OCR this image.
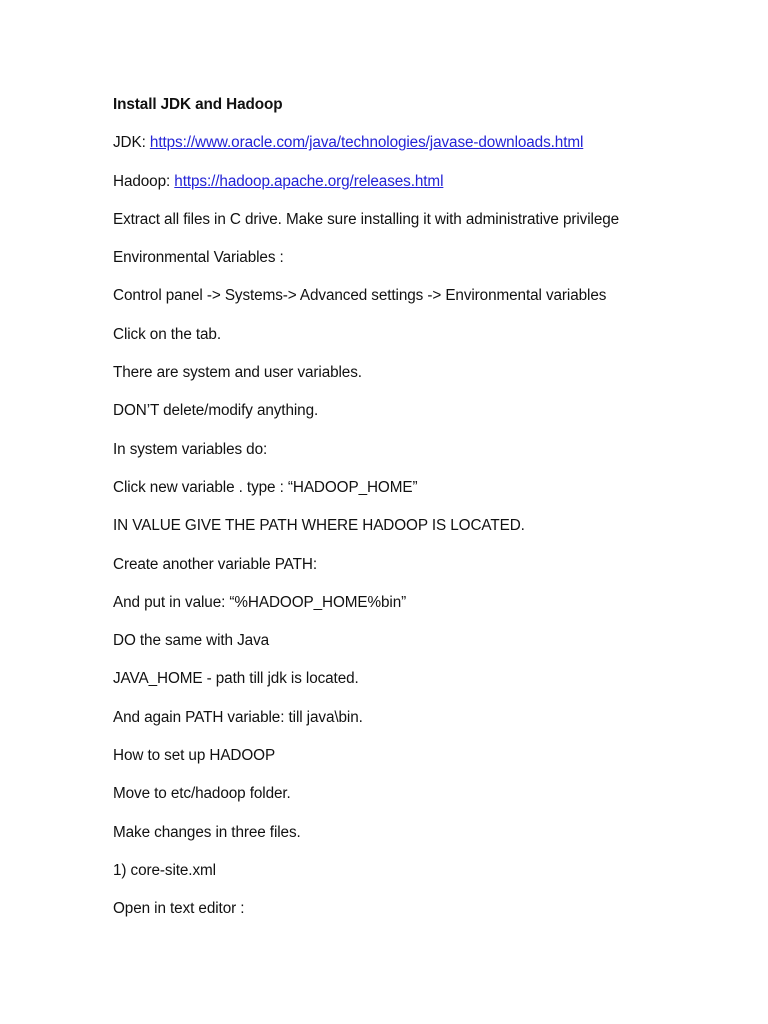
Install JDK and Hadoop
JDK: https://www.oracle.com/java/technologies/javase-downloads.html
Hadoop: https://hadoop.apache.org/releases.html
Extract all files in C drive. Make sure installing it with administrative privilege
Environmental Variables :
Control panel -> Systems-> Advanced settings -> Environmental variables
Click on the tab.
There are system and user variables.
DON’T delete/modify anything.
In system variables do:
Click new variable . type : “HADOOP_HOME”
IN VALUE GIVE THE PATH WHERE HADOOP IS LOCATED.
Create another variable PATH:
And put in value: “%HADOOP_HOME%bin”
DO the same with Java
JAVA_HOME - path till jdk is located.
And again PATH variable: till java\bin.
How to set up HADOOP
Move to etc/hadoop folder.
Make changes in three files.
1) core-site.xml
Open in text editor :
